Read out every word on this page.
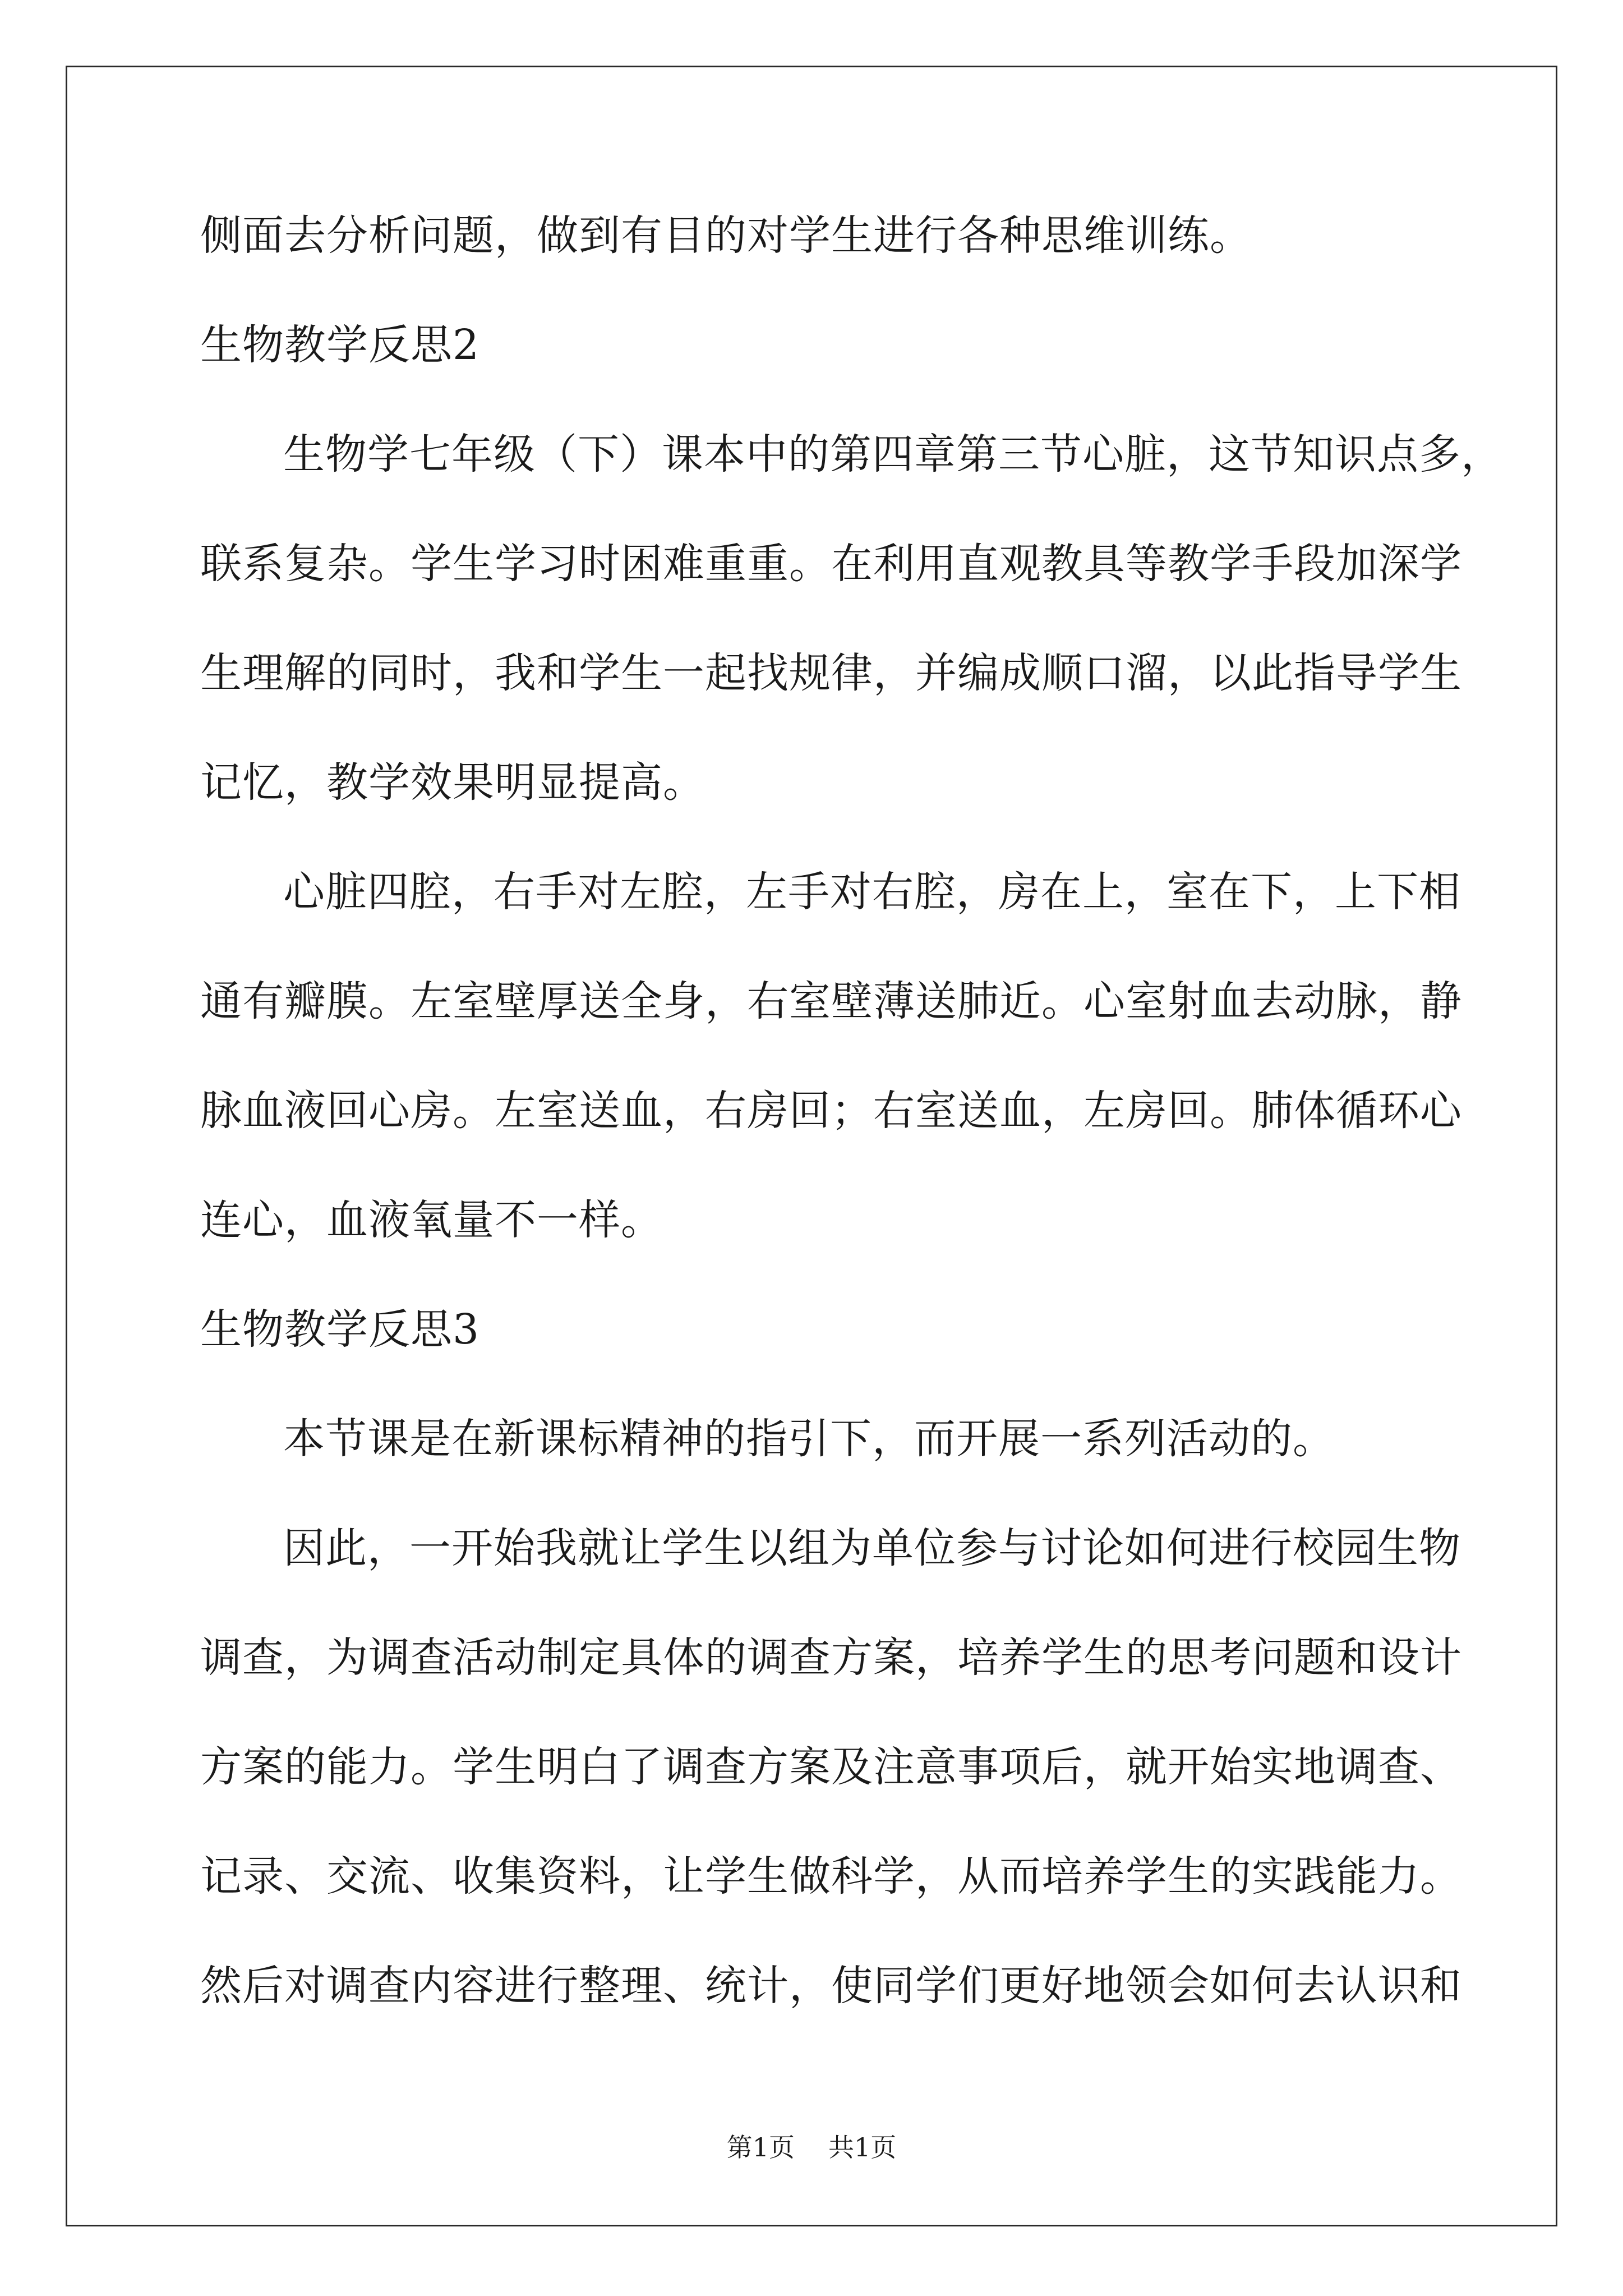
侧面去分析问题，做到有目的对学生进行各种思维训练。
生物教学反思2
生物学七年级（下）课本中的第四章第三节心脏，这节知识点多，
联系复杂。学生学习时困难重重。在利用直观教具等教学手段加深学
生理解的同时，我和学生一起找规律，并编成顺口溜，以此指导学生
记忆，教学效果明显提高。
心脏四腔，右手对左腔，左手对右腔，房在上，室在下，上下相
通有瓣膜。左室壁厚送全身，右室壁薄送肺近。心室射血去动脉，静
脉血液回心房。左室送血，右房回；右室送血，左房回。肺体循环心
连心，血液氧量不一样。
生物教学反思3
本节课是在新课标精神的指引下，而开展一系列活动的。
因此，一开始我就让学生以组为单位参与讨论如何进行校园生物
调查，为调查活动制定具体的调查方案，培养学生的思考问题和设计
方案的能力。学生明白了调查方案及注意事项后，就开始实地调查、
记录、交流、收集资料，让学生做科学，从而培养学生的实践能力。
然后对调查内容进行整理、统计，使同学们更好地领会如何去认识和
第1页 共1页
